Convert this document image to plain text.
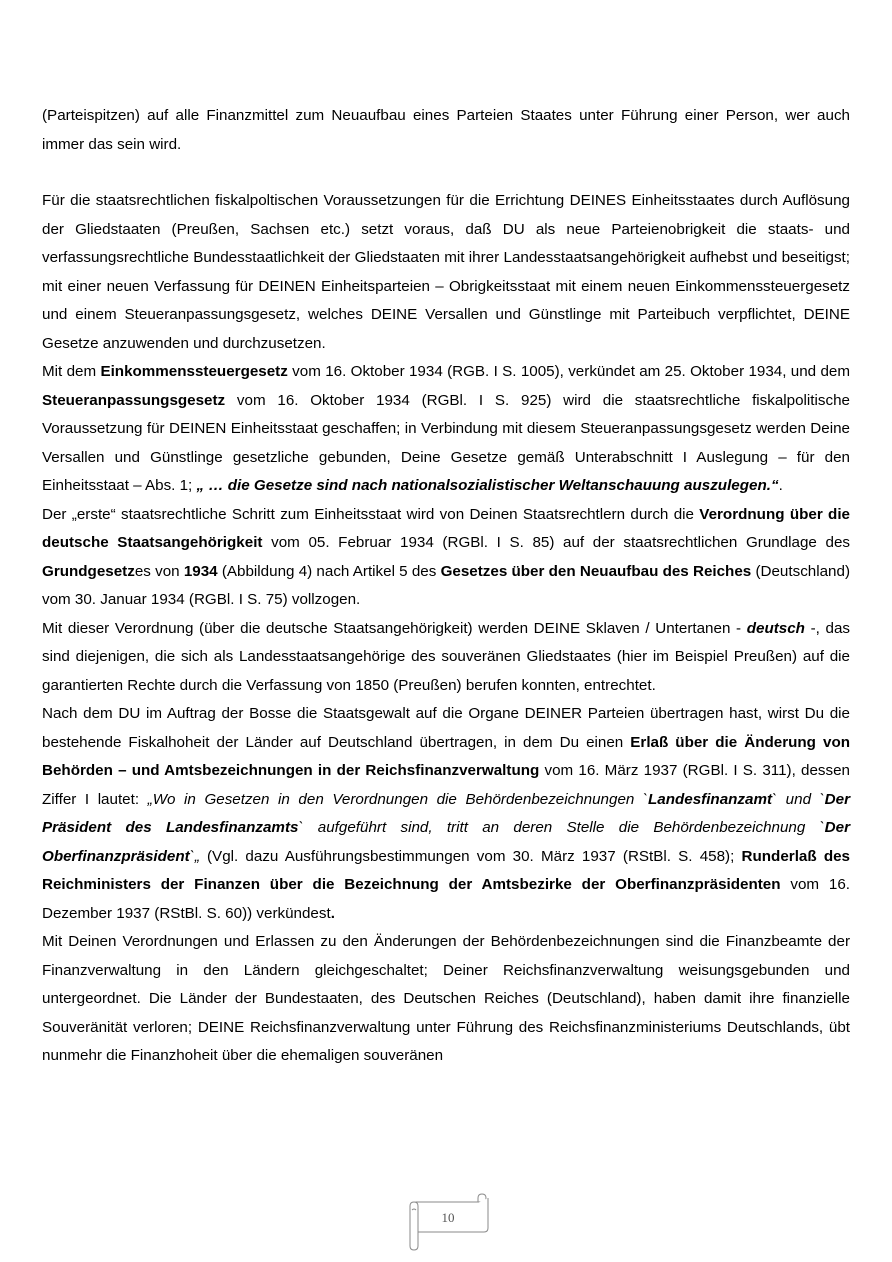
(Parteispitzen) auf alle Finanzmittel zum Neuaufbau eines Parteien Staates unter Führung einer Person, wer auch immer das sein wird.

Für die staatsrechtlichen fiskalpoltischen Voraussetzungen für die Errichtung DEINES Einheitsstaates durch Auflösung der Gliedstaaten (Preußen, Sachsen etc.) setzt voraus, daß DU als neue Parteienobrigkeit die staats- und verfassungsrechtliche Bundesstaatlichkeit der Gliedstaaten mit ihrer Landesstaatsangehörigkeit aufhebst und beseitigst; mit einer neuen Verfassung für DEINEN Einheitsparteien – Obrigkeitsstaat mit einem neuen Einkommenssteuergesetz und einem Steueranpassungsgesetz, welches DEINE Versallen und Günstlinge mit Parteibuch verpflichtet, DEINE Gesetze anzuwenden und durchzusetzen.

Mit dem Einkommenssteuergesetz vom 16. Oktober 1934 (RGB. I S. 1005), verkündet am 25. Oktober 1934, und dem Steueranpassungsgesetz vom 16. Oktober 1934 (RGBl. I S. 925) wird die staatsrechtliche fiskalpolitische Voraussetzung für DEINEN Einheitsstaat geschaffen; in Verbindung mit diesem Steueranpassungsgesetz werden Deine Versallen und Günstlinge gesetzliche gebunden, Deine Gesetze gemäß Unterabschnitt I Auslegung – für den Einheitsstaat – Abs. 1; „ … die Gesetze sind nach nationalsozialistischer Weltanschauung auszulegen.“.

Der „erste“ staatsrechtliche Schritt zum Einheitsstaat wird von Deinen Staatsrechtlern durch die Verordnung über die deutsche Staatsangehörigkeit vom 05. Februar 1934 (RGBl. I S. 85) auf der staatsrechtlichen Grundlage des Grundgesetzes von 1934 (Abbildung 4) nach Artikel 5 des Gesetzes über den Neuaufbau des Reiches (Deutschland) vom 30. Januar 1934 (RGBl. I S. 75) vollzogen.

Mit dieser Verordnung (über die deutsche Staatsangehörigkeit) werden DEINE Sklaven / Untertanen - deutsch -, das sind diejenigen, die sich als Landesstaatsangehörige des souveränen Gliedstaates (hier im Beispiel Preußen) auf die garantierten Rechte durch die Verfassung von 1850 (Preußen) berufen konnten, entrechtet.

Nach dem DU im Auftrag der Bosse die Staatsgewalt auf die Organe DEINER Parteien übertragen hast, wirst Du die bestehende Fiskalhoheit der Länder auf Deutschland übertragen, in dem Du einen Erlaß über die Änderung von Behörden – und Amtsbezeichnungen in der Reichsfinanzverwaltung vom 16. März 1937 (RGBl. I S. 311), dessen Ziffer I lautet: „Wo in Gesetzen in den Verordnungen die Behördenbezeichnungen `Landesfinanzamt` und `Der Präsident des Landesfinanzamts` aufgeführt sind, tritt an deren Stelle die Behördenbezeichnung `Der Oberfinanzpräsident`„ (Vgl. dazu Ausführungsbestimmungen vom 30. März 1937 (RStBl. S. 458); Runderlaß des Reichministers der Finanzen über die Bezeichnung der Amtsbezirke der Oberfinanzpräsidenten vom 16. Dezember 1937 (RStBl. S. 60)) verkündest.

Mit Deinen Verordnungen und Erlassen zu den Änderungen der Behördenbezeichnungen sind die Finanzbeamte der Finanzverwaltung in den Ländern gleichgeschaltet; Deiner Reichsfinanzverwaltung weisungsgebunden und untergeordnet. Die Länder der Bundestaaten, des Deutschen Reiches (Deutschland), haben damit ihre finanzielle Souveränität verloren; DEINE Reichsfinanzverwaltung unter Führung des Reichsfinanzministeriums Deutschlands, übt nunmehr die Finanzhoheit über die ehemaligen souveränen

10
